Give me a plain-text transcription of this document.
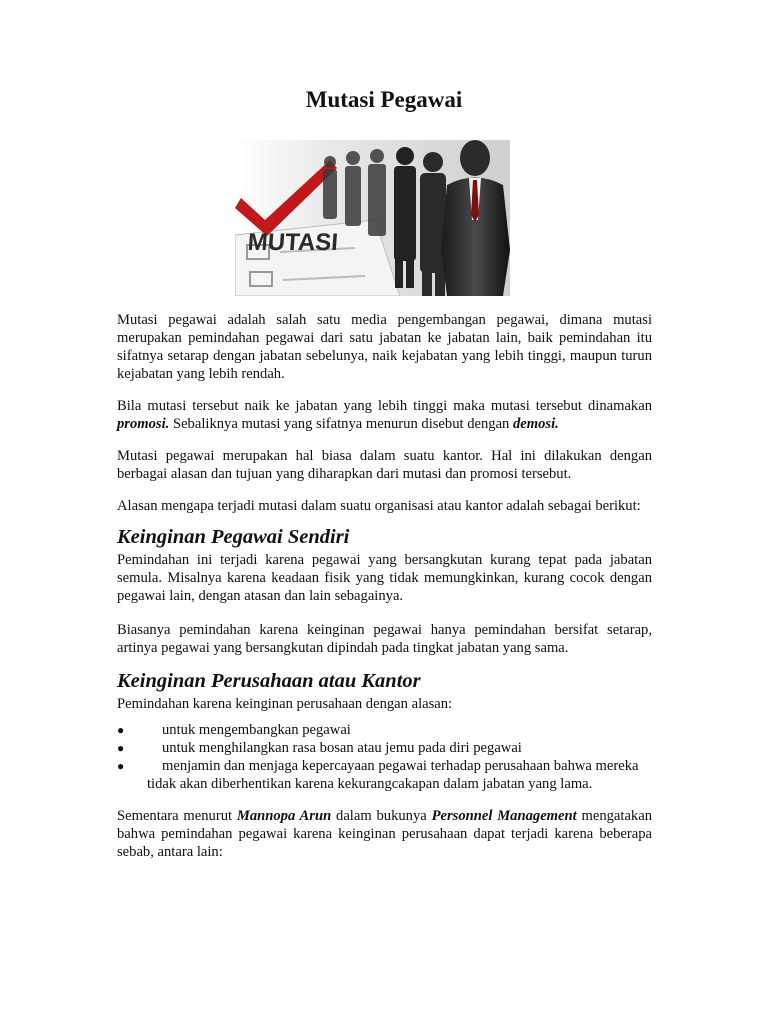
Mutasi Pegawai
MUTASI

Mutasi pegawai adalah salah satu media pengembangan pegawai, dimana mutasi merupakan pemindahan pegawai dari satu jabatan ke jabatan lain, baik pemindahan itu sifatnya setarap dengan jabatan sebelunya, naik kejabatan yang lebih tinggi, maupun turun kejabatan yang lebih rendah.

Bila mutasi tersebut naik ke jabatan yang lebih tinggi maka mutasi tersebut dinamakan promosi. Sebaliknya mutasi yang sifatnya menurun disebut dengan demosi.

Mutasi pegawai merupakan hal biasa dalam suatu kantor. Hal ini dilakukan dengan berbagai alasan dan tujuan yang diharapkan dari mutasi dan promosi tersebut.

Alasan mengapa terjadi mutasi dalam suatu organisasi atau kantor adalah sebagai berikut:

Keinginan Pegawai Sendiri

Pemindahan ini terjadi karena pegawai yang bersangkutan kurang tepat pada jabatan semula. Misalnya karena keadaan fisik yang tidak memungkinkan, kurang cocok dengan pegawai lain, dengan atasan dan lain sebagainya.

Biasanya pemindahan karena keinginan pegawai hanya pemindahan bersifat setarap, artinya pegawai yang bersangkutan dipindah pada tingkat jabatan yang sama.

Keinginan Perusahaan atau Kantor

Pemindahan karena keinginan perusahaan dengan alasan:

●	untuk mengembangkan pegawai
●	untuk menghilangkan rasa bosan atau jemu pada diri pegawai
●	menjamin dan menjaga kepercayaan pegawai terhadap perusahaan bahwa mereka tidak akan diberhentikan karena kekurangcakapan dalam jabatan yang lama.

Sementara menurut Mannopa Arun dalam bukunya Personnel Management mengatakan bahwa pemindahan pegawai karena keinginan perusahaan dapat terjadi karena beberapa sebab, antara lain:
